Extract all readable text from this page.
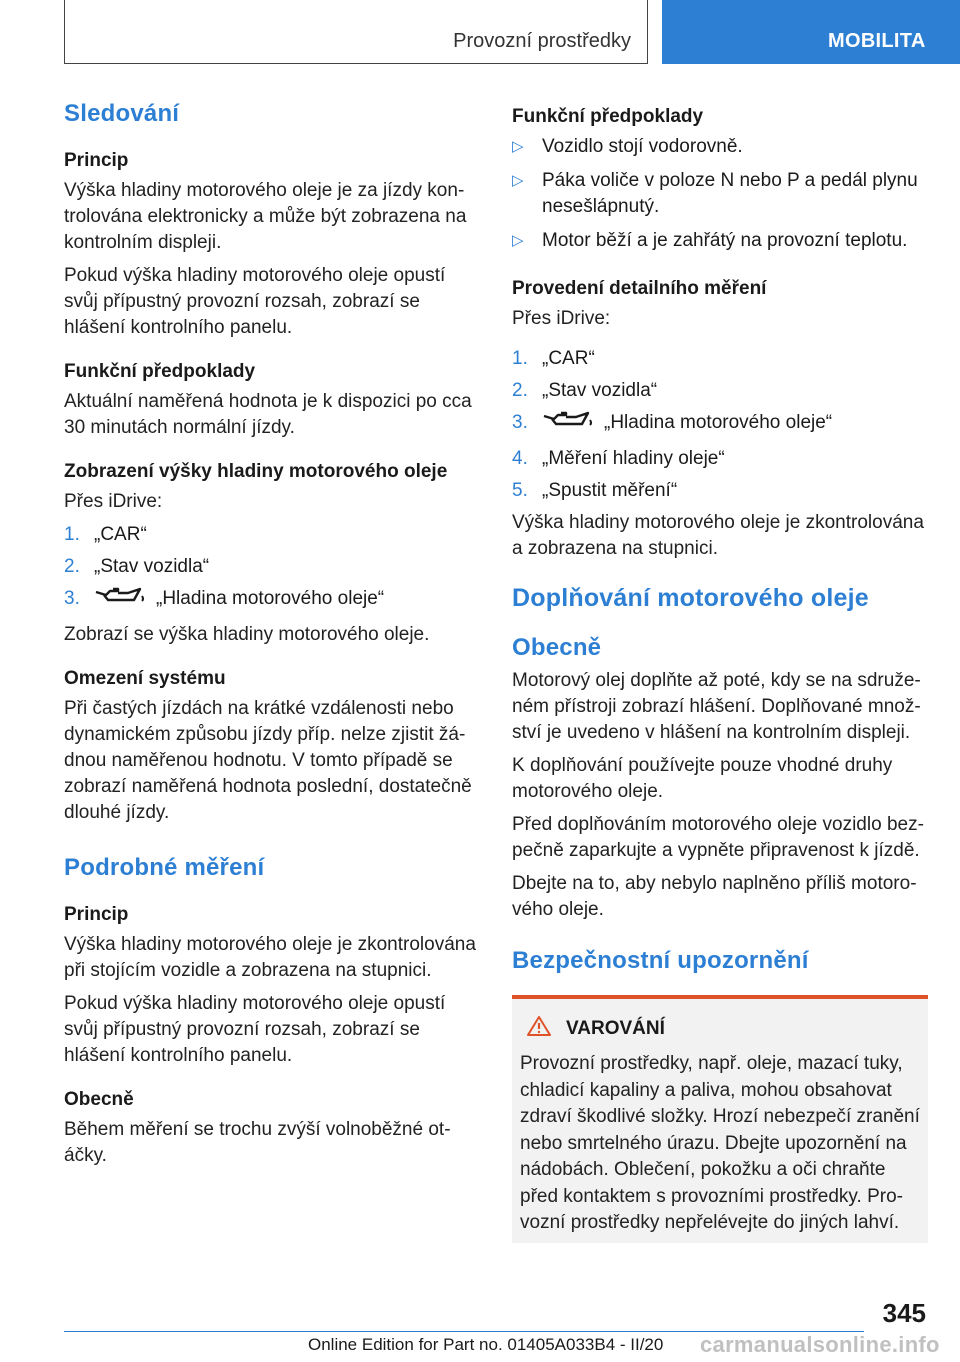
Provozní prostředky	MOBILITA
Sledování
Princip

Výška hladiny motorového oleje je za jízdy kontrolována elektronicky a může být zobrazena na kontrolním displeji.

Pokud výška hladiny motorového oleje opustí svůj přípustný provozní rozsah, zobrazí se hlášení kontrolního panelu.

Funkční předpoklady

Aktuální naměřená hodnota je k dispozici po cca 30 minutách normální jízdy.

Zobrazení výšky hladiny motorového oleje

Přes iDrive:

1. „CAR“
2. „Stav vozidla“
3.	„Hladina motorového oleje“

Zobrazí se výška hladiny motorového oleje.

Omezení systému

Při častých jízdách na krátké vzdálenosti nebo dynamickém způsobu jízdy příp. nelze zjistit žádnou naměřenou hodnotu. V tomto případě se zobrazí naměřená hodnota poslední, dostatečně dlouhé jízdy.

Podrobné měření
Princip

Výška hladiny motorového oleje je zkontrolována při stojícím vozidle a zobrazena na stupnici.

Pokud výška hladiny motorového oleje opustí svůj přípustný provozní rozsah, zobrazí se hlášení kontrolního panelu.

Obecně

Během měření se trochu zvýší volnoběžné otáčky.

Funkční předpoklady
▷ Vozidlo stojí vodorovně.
▷ Páka voliče v poloze N nebo P a pedál plynu nesešlápnutý.
▷ Motor běží a je zahřátý na provozní teplotu.
Provedení detailního měření

Přes iDrive:

1. „CAR“
2. „Stav vozidla“
3.	„Hladina motorového oleje“
4. „Měření hladiny oleje“
5. „Spustit měření“

Výška hladiny motorového oleje je zkontrolována a zobrazena na stupnici.

Doplňování motorového oleje
Obecně

Motorový olej doplňte až poté, kdy se na sdruženém přístroji zobrazí hlášení. Doplňované množství je uvedeno v hlášení na kontrolním displeji.

K doplňování používejte pouze vhodné druhy motorového oleje.

Před doplňováním motorového oleje vozidlo bezpečně zaparkujte a vypněte připravenost k jízdě.

Dbejte na to, aby nebylo naplněno příliš motorového oleje.

Bezpečnostní upozornění
VAROVÁNÍ

Provozní prostředky, např. oleje, mazací tuky, chladicí kapaliny a paliva, mohou obsahovat zdraví škodlivé složky. Hrozí nebezpečí zranění nebo smrtelného úrazu. Dbejte upozornění na nádobách. Oblečení, pokožku a oči chraňte před kontaktem s provozními prostředky. Provozní prostředky nepřelévejte do jiných lahví.

345
Online Edition for Part no. 01405A033B4 - II/20 carmanualsonline.info
